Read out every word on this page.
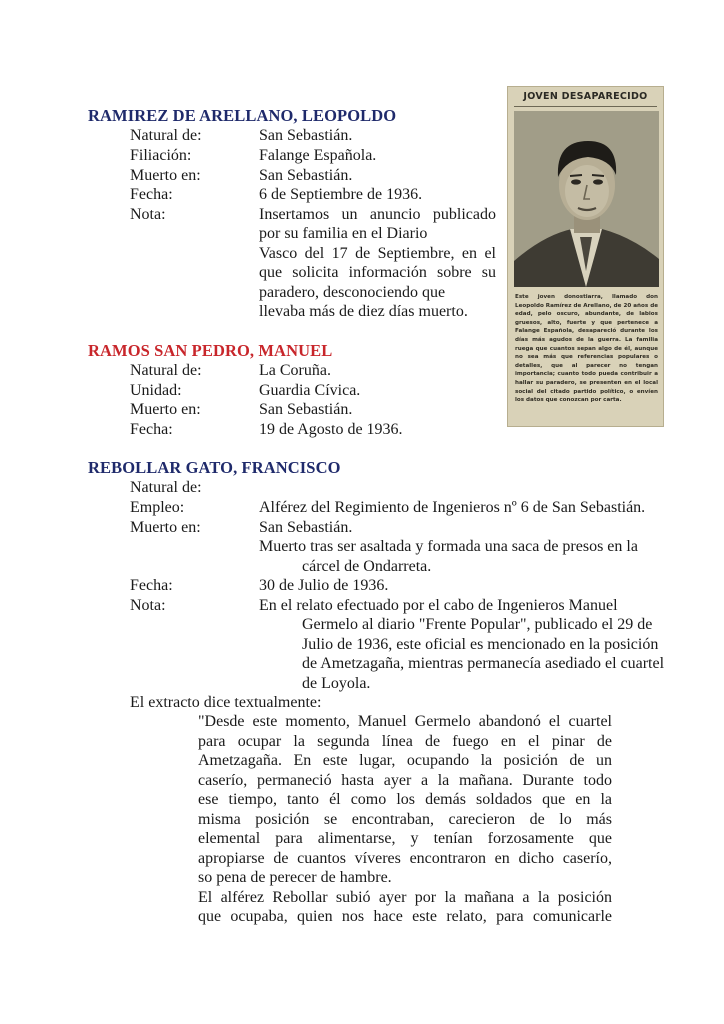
RAMIREZ DE ARELLANO, LEOPOLDO
Natural de:	San Sebastián.
Filiación:	Falange Española.
Muerto en:	San Sebastián.
Fecha:	6 de Septiembre de 1936.
Nota:	Insertamos un anuncio publicado
por su familia en el Diario
Vasco del 17 de Septiembre, en el
que solicita información sobre su
paradero, desconociendo que
llevaba más de diez días muerto.
JOVEN DESAPARECIDO
Este joven donostiarra, llamado don Leopoldo Ramírez de Arellano, de 20 años de edad, pelo oscuro, abundante, de labios gruesos, alto, fuerte y que pertenece a Falange Española, desapareció durante los días más agudos de la guerra. La familia ruega que cuantos sepan algo de él, aunque no sea más que referencias populares o detalles, que al parecer no tengan importancia; cuanto todo pueda contribuir a hallar su paradero, se presenten en el local social del citado partido político, o envíen los datos que conozcan por carta.
RAMOS SAN PEDRO, MANUEL
Natural de:	La Coruña.
Unidad:	Guardia Cívica.
Muerto en:	San Sebastián.
Fecha:	19 de Agosto de 1936.
REBOLLAR GATO, FRANCISCO
Natural de:
Empleo:	Alférez del Regimiento de Ingenieros nº 6 de San Sebastián.
Muerto en:	San Sebastián.
Muerto tras ser asaltada y formada una saca de presos en la
cárcel de Ondarreta.
Fecha:	30 de Julio de 1936.
Nota:	En el relato efectuado por el cabo de Ingenieros Manuel
Germelo al diario "Frente Popular", publicado el 29 de
Julio de 1936, este oficial es mencionado en la posición
de Ametzagaña, mientras permanecía asediado el cuartel
de Loyola.
El extracto dice textualmente:
"Desde este momento, Manuel Germelo abandonó el cuartel
para ocupar la segunda línea de fuego en el pinar de
Ametzagaña. En este lugar, ocupando la posición de un
caserío, permaneció hasta ayer a la mañana. Durante todo
ese tiempo, tanto él como los demás soldados que en la
misma posición se encontraban, carecieron de lo más
elemental para alimentarse, y tenían forzosamente que
apropiarse de cuantos víveres encontraron en dicho caserío,
so pena de perecer de hambre.
El alférez Rebollar subió ayer por la mañana a la posición
que ocupaba, quien nos hace este relato, para comunicarle
